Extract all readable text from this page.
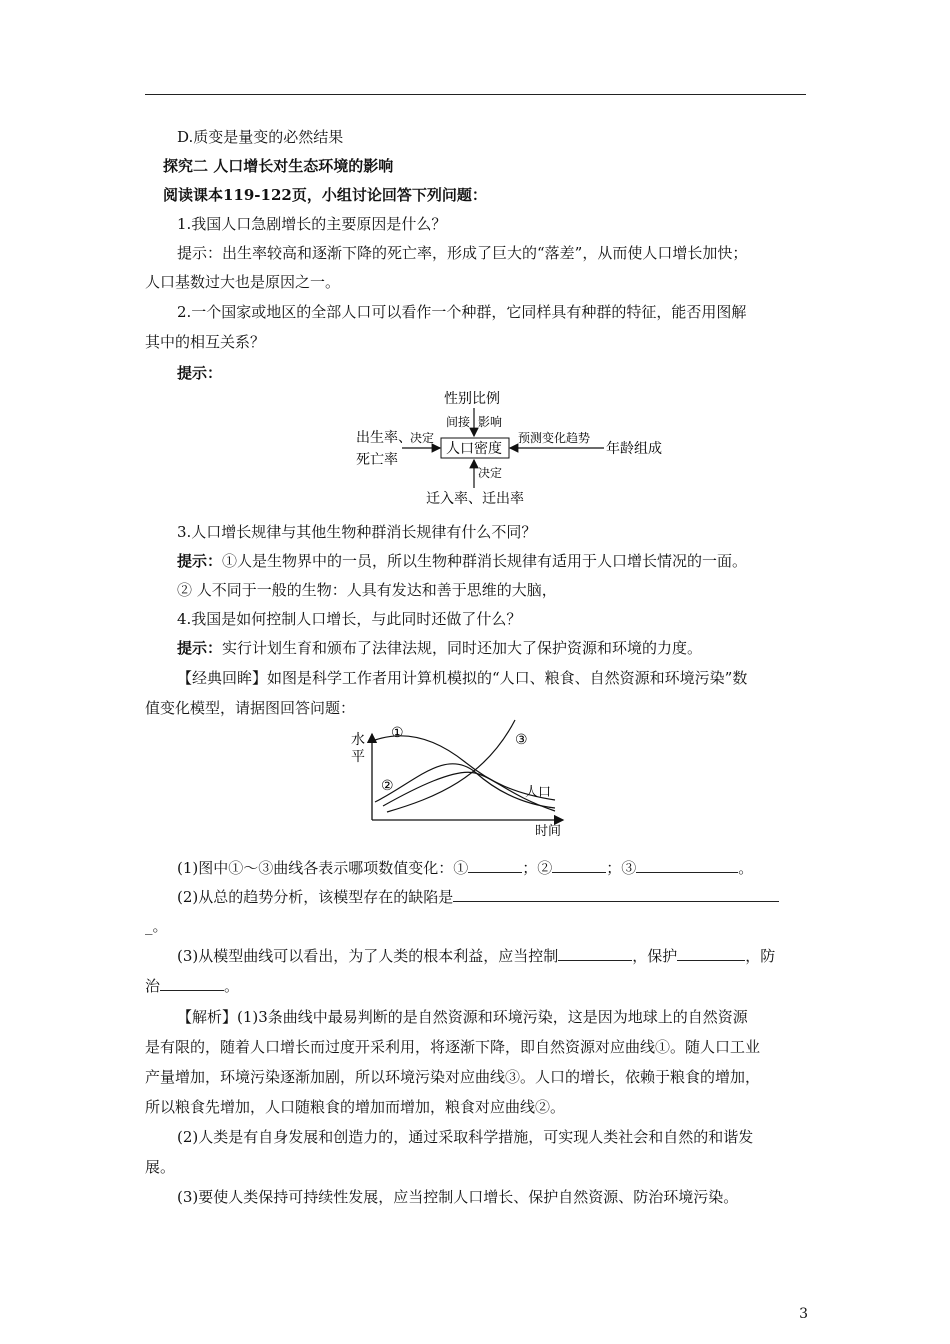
D.质变是量变的必然结果
探究二 人口增长对生态环境的影响
阅读课本119-122页，小组讨论回答下列问题：
1.我国人口急剧增长的主要原因是什么？
提示：出生率较高和逐渐下降的死亡率，形成了巨大的“落差”，从而使人口增长加快；
人口基数过大也是原因之一。
2.一个国家或地区的全部人口可以看作一个种群，它同样具有种群的特征，能否用图解
其中的相互关系？
提示：
性别比例
间接 影响
人口密度
出生率、
死亡率
决定	预测变化趋势
年龄组成
决定
迁入率、迁出率
3.人口增长规律与其他生物种群消长规律有什么不同？
提示：①人是生物界中的一员，所以生物种群消长规律有适用于人口增长情况的一面。
② 人不同于一般的生物：人具有发达和善于思维的大脑，
4.我国是如何控制人口增长，与此同时还做了什么？
提示：实行计划生育和颁布了法律法规，同时还加大了保护资源和环境的力度。
【经典回眸】如图是科学工作者用计算机模拟的“人口、粮食、自然资源和环境污染”数
值变化模型，请据图回答问题：
水
平
时间
①
②
③
人口
(1)图中①～③曲线各表示哪项数值变化：①	；②	；③	。
(2)从总的趋势分析，该模型存在的缺陷是
_。
(3)从模型曲线可以看出，为了人类的根本利益，应当控制	，保护	，防
治	。
【解析】(1)3条曲线中最易判断的是自然资源和环境污染，这是因为地球上的自然资源
是有限的，随着人口增长而过度开采利用，将逐渐下降，即自然资源对应曲线①。随人口工业
产量增加，环境污染逐渐加剧，所以环境污染对应曲线③。人口的增长，依赖于粮食的增加，
所以粮食先增加，人口随粮食的增加而增加，粮食对应曲线②。
(2)人类是有自身发展和创造力的，通过采取科学措施，可实现人类社会和自然的和谐发
展。
(3)要使人类保持可持续性发展，应当控制人口增长、保护自然资源、防治环境污染。
3
